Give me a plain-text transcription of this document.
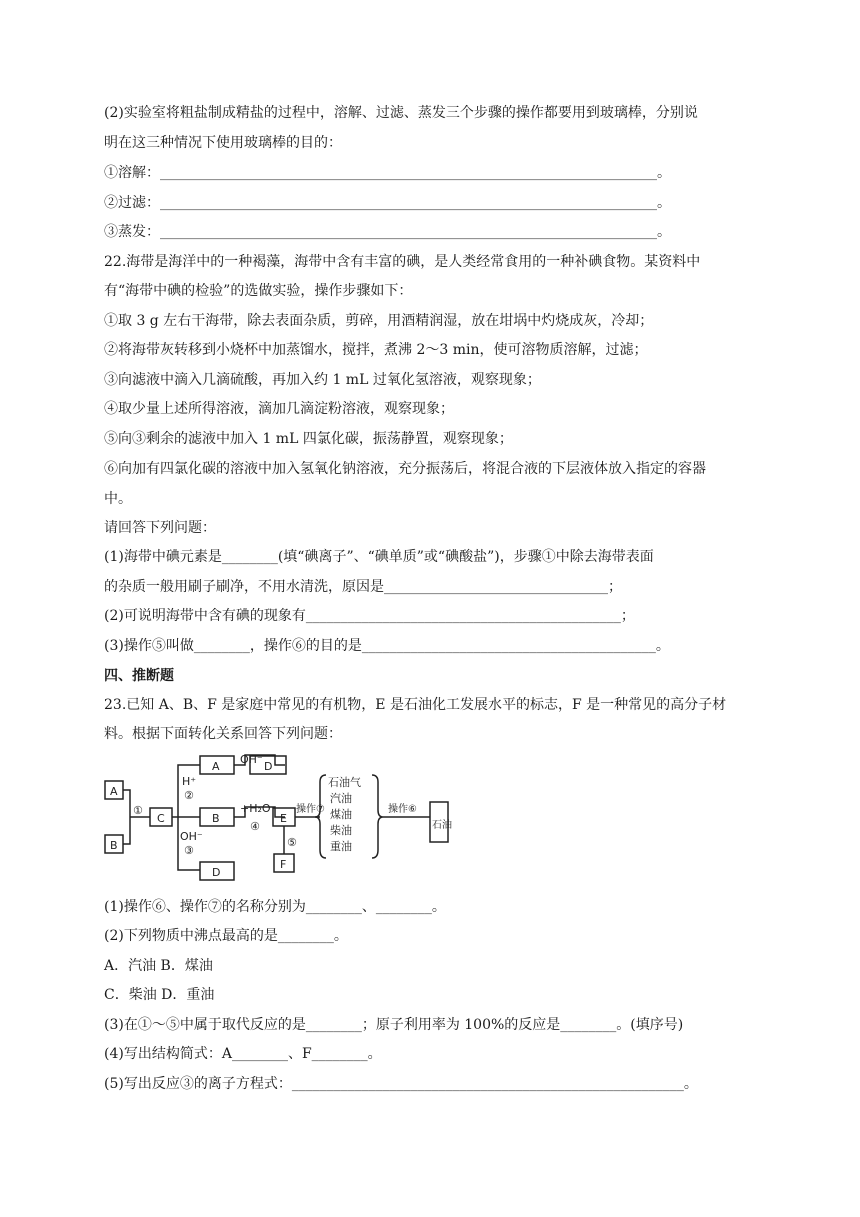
(2)实验室将粗盐制成精盐的过程中，溶解、过滤、蒸发三个步骤的操作都要用到玻璃棒，分别说
明在这三种情况下使用玻璃棒的目的：
①溶解：_______________________________________________________________________。
②过滤：_______________________________________________________________________。
③蒸发：_______________________________________________________________________。
22.海带是海洋中的一种褐藻，海带中含有丰富的碘，是人类经常食用的一种补碘食物。某资料中
有“海带中碘的检验”的选做实验，操作步骤如下：
①取 3 g 左右干海带，除去表面杂质，剪碎，用酒精润湿，放在坩埚中灼烧成灰，冷却；
②将海带灰转移到小烧杯中加蒸馏水，搅拌，煮沸 2～3 min，使可溶物质溶解，过滤；
③向滤液中滴入几滴硫酸，再加入约 1 mL 过氧化氢溶液，观察现象；
④取少量上述所得溶液，滴加几滴淀粉溶液，观察现象；
⑤向③剩余的滤液中加入 1 mL 四氯化碳，振荡静置，观察现象；
⑥向加有四氯化碳的溶液中加入氢氧化钠溶液，充分振荡后，将混合液的下层液体放入指定的容器
中。
请回答下列问题：
(1)海带中碘元素是________(填“碘离子”、“碘单质”或“碘酸盐”)，步骤①中除去海带表面
的杂质一般用刷子刷净，不用水清洗，原因是________________________________；
(2)可说明海带中含有碘的现象有_____________________________________________；
(3)操作⑤叫做________，操作⑥的目的是__________________________________________。
四、推断题
23.已知 A、B、F 是家庭中常见的有机物，E 是石油化工发展水平的标志，F 是一种常见的高分子材
料。根据下面转化关系回答下列问题：
A
B
①
C
H⁺
②
OH⁻
③
A
B
D
OH⁻
D
+H₂O
④
E
⑤
F
操作⑦
石油气
汽油
煤油
柴油
重油
操作⑥
石油
(1)操作⑥、操作⑦的名称分别为________、________。
(2)下列物质中沸点最高的是________。
A．汽油 B．煤油
C．柴油 D．重油
(3)在①～⑤中属于取代反应的是________；原子利用率为 100%的反应是________。(填序号)
(4)写出结构简式：A________、F________。
(5)写出反应③的离子方程式：________________________________________________________。
